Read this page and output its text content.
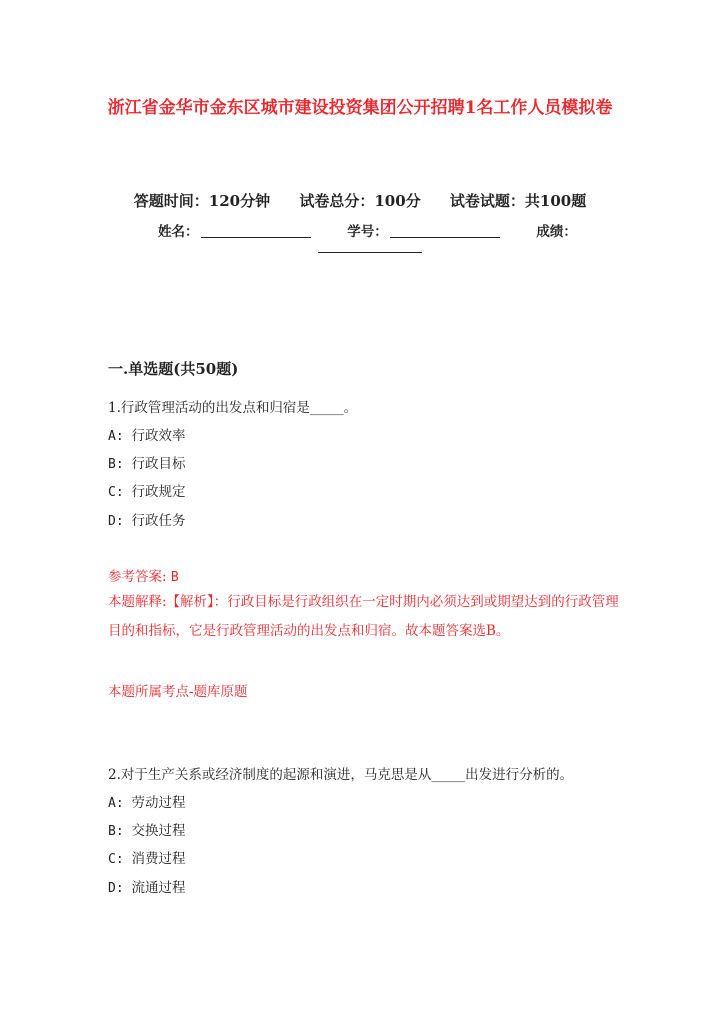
浙江省金华市金东区城市建设投资集团公开招聘1名工作人员模拟卷
答题时间：120分钟 试卷总分：100分 试卷试题：共100题
姓名：	学号：	成绩：
一.单选题(共50题)
1.行政管理活动的出发点和归宿是_____。
A: 行政效率
B: 行政目标
C: 行政规定
D: 行政任务
参考答案: B
本题解释:【解析】：行政目标是行政组织在一定时期内必须达到或期望达到的行政管理目的和指标，它是行政管理活动的出发点和归宿。故本题答案选B。
本题所属考点-题库原题
2.对于生产关系或经济制度的起源和演进，马克思是从_____出发进行分析的。
A: 劳动过程
B: 交换过程
C: 消费过程
D: 流通过程
